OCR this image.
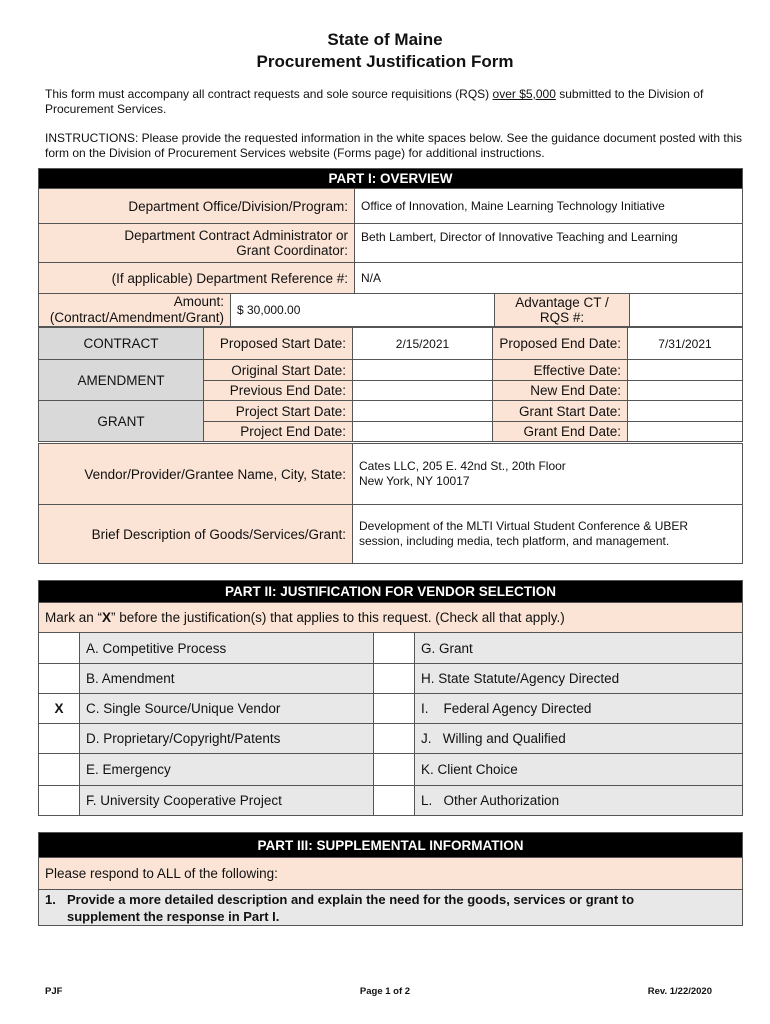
State of Maine
Procurement Justification Form
This form must accompany all contract requests and sole source requisitions (RQS) over $5,000 submitted to the Division of Procurement Services.
INSTRUCTIONS: Please provide the requested information in the white spaces below. See the guidance document posted with this form on the Division of Procurement Services website (Forms page) for additional instructions.
PART I: OVERVIEW				
Department Office/Division/Program:		Office of Innovation, Maine Learning Technology Initiative		

Department Contract Administrator or
Grant Coordinator:		Beth Lambert, Director of Innovative Teaching and Learning		
(If applicable) Department Reference #:		N/A		

Amount:
(Contract/Amendment/Grant)	$ 30,000.00		Advantage CT / RQS #:	
CONTRACT	Proposed Start Date:	2/15/2021	Proposed End Date:	7/31/2021
AMENDMENT	Original Start Date:		Effective Date:	
	Previous End Date:		New End Date:	
GRANT	Project Start Date:		Grant Start Date:	
	Project End Date:		Grant End Date:	
Vendor/Provider/Grantee Name, City, State:	Cates LLC, 205 E. 42nd St., 20th Floor
New York, NY 10017

Brief Description of Goods/Services/Grant:	Development of the MLTI Virtual Student Conference & UBER
session, including media, tech platform, and management.
PART II: JUSTIFICATION FOR VENDOR SELECTION			
Mark an “X” before the justification(s) that applies to this request. (Check all that apply.)			
	A. Competitive Process		G. Grant
	B. Amendment		H. State Statute/Agency Directed
X	C. Single Source/Unique Vendor		I.    Federal Agency Directed
	D. Proprietary/Copyright/Patents		J.   Willing and Qualified
	E. Emergency		K. Client Choice
	F. University Cooperative Project		L.   Other Authorization
PART III: SUPPLEMENTAL INFORMATION
Please respond to ALL of the following:

1. Provide a more detailed description and explain the need for the goods, services or grant to
supplement the response in Part I.
PJF	Page 1 of 2	Rev. 1/22/2020
